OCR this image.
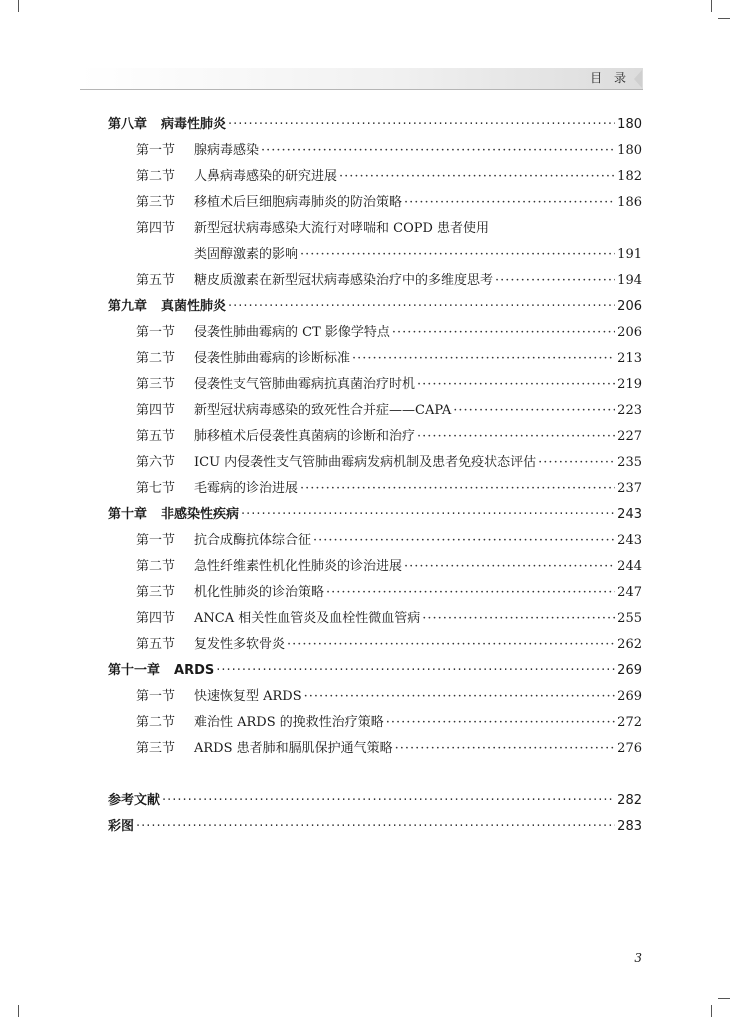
目 录
第八章 病毒性肺炎 ·····	180
第一节	腺病毒感染 ·····	180
第二节	人鼻病毒感染的研究进展 ·····	182
第三节	移植术后巨细胞病毒肺炎的防治策略 ·····	186
第四节	新型冠状病毒感染大流行对哮喘和 COPD 患者使用
类固醇激素的影响 ·····	191
第五节	糖皮质激素在新型冠状病毒感染治疗中的多维度思考 ·····	194
第九章 真菌性肺炎 ·····	206
第一节	侵袭性肺曲霉病的 CT 影像学特点 ·····	206
第二节	侵袭性肺曲霉病的诊断标准 ·····	213
第三节	侵袭性支气管肺曲霉病抗真菌治疗时机 ·····	219
第四节	新型冠状病毒感染的致死性合并症——CAPA ·····	223
第五节	肺移植术后侵袭性真菌病的诊断和治疗 ·····	227
第六节	ICU 内侵袭性支气管肺曲霉病发病机制及患者免疫状态评估 ·····	235
第七节	毛霉病的诊治进展 ·····	237
第十章 非感染性疾病 ·····	243
第一节	抗合成酶抗体综合征 ·····	243
第二节	急性纤维素性机化性肺炎的诊治进展 ·····	244
第三节	机化性肺炎的诊治策略 ·····	247
第四节	ANCA 相关性血管炎及血栓性微血管病 ·····	255
第五节	复发性多软骨炎 ·····	262
第十一章 ARDS ·····	269
第一节	快速恢复型 ARDS ·····	269
第二节	难治性 ARDS 的挽救性治疗策略 ·····	272
第三节	ARDS 患者肺和膈肌保护通气策略 ·····	276
参考文献 ·····	282
彩图 ·····	283
3
